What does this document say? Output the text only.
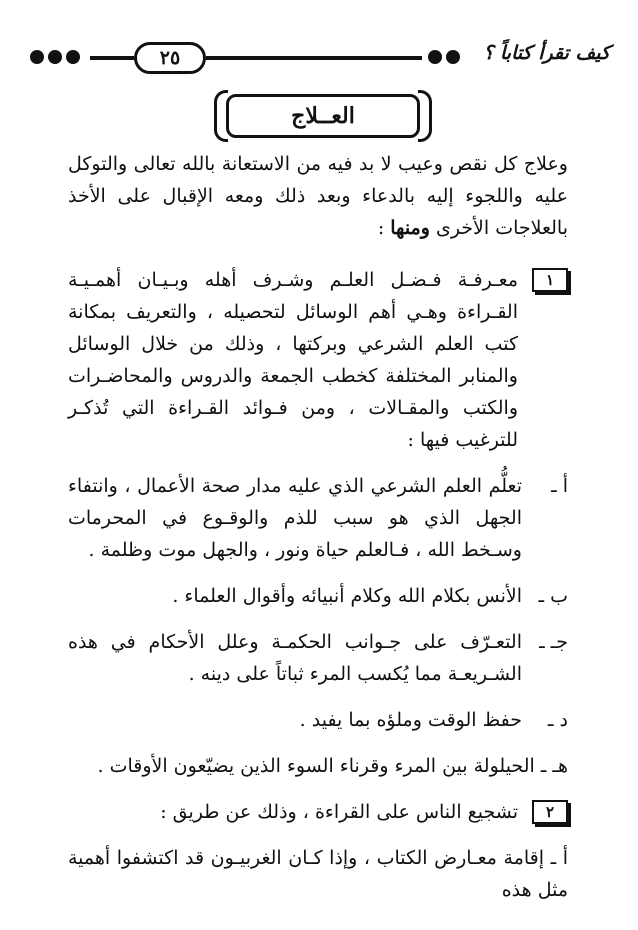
٢٥	كيف تقرأ كتاباً ؟
العــلاج

وعلاج كل نقص وعيب لا بد فيه من الاستعانة بالله تعالى والتوكل عليه واللجوء إليه بالدعاء وبعد ذلك ومعه الإقبال على الأخذ بالعلاجات الأخرى ومنها :

١

معـرفـة فـضـل العلـم وشـرف أهله وبـيـان أهمـيـة القـراءة وهـي أهم الوسائل لتحصيله ، والتعريف بمكانة كتب العلم الشرعي وبركتها ، وذلك من خلال الوسائل والمنابر المختلفة كخطب الجمعة والدروس والمحاضـرات والكتب والمقـالات ، ومن فـوائد القـراءة التي تُذكـر للترغيب فيها :

أ ـ

تعلُّم العلم الشرعي الذي عليه مدار صحة الأعمال ، وانتفاء الجهل الذي هو سبب للذم والوقـوع في المحرمات وسـخط الله ، فـالعلم حياة ونور ، والجهل موت وظلمة .

ب ـ

الأنس بكلام الله وكلام أنبيائه وأقوال العلماء .

جـ ـ

التعـرّف على جـوانب الحكمـة وعلل الأحكام في هذه الشـريعـة مما يُكسب المرء ثباتاً على دينه .

د ـ

حفظ الوقت وملؤه بما يفيد .

هـ ـ الحيلولة بين المرء وقرناء السوء الذين يضيّعون الأوقات .

٢

تشجيع الناس على القراءة ، وذلك عن طريق :

أ ـ إقامة معـارض الكتاب ، وإذا كـان الغربيـون قد اكتشفوا أهمية مثل هذه
